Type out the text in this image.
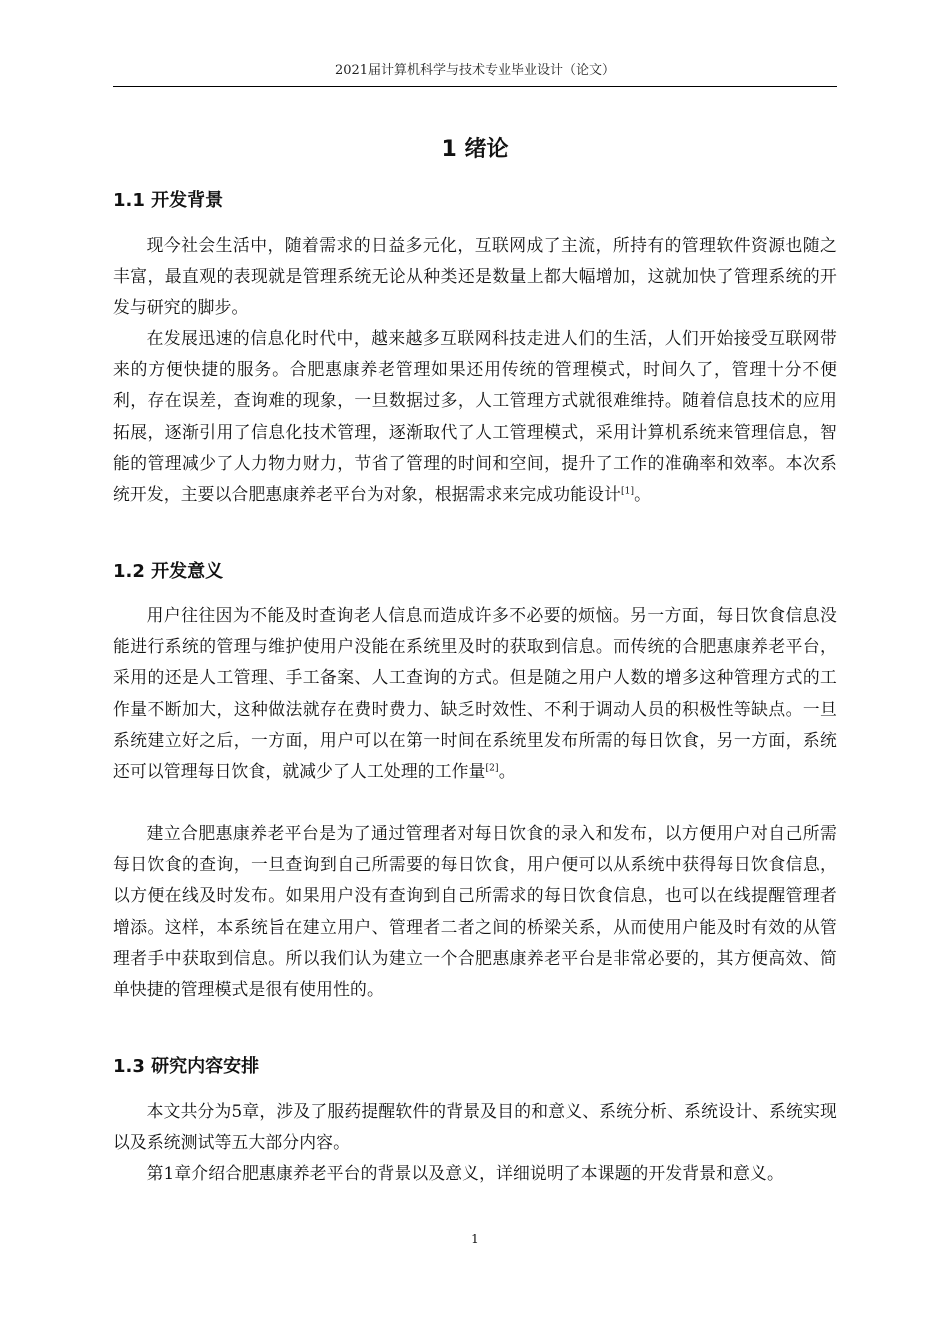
2021届计算机科学与技术专业毕业设计（论文）
1 绪论
1.1 开发背景

现今社会生活中，随着需求的日益多元化，互联网成了主流，所持有的管理软件资源也随之丰富，最直观的表现就是管理系统无论从种类还是数量上都大幅增加，这就加快了管理系统的开发与研究的脚步。

在发展迅速的信息化时代中，越来越多互联网科技走进人们的生活，人们开始接受互联网带来的方便快捷的服务。合肥惠康养老管理如果还用传统的管理模式，时间久了，管理十分不便利，存在误差，查询难的现象，一旦数据过多，人工管理方式就很难维持。随着信息技术的应用拓展，逐渐引用了信息化技术管理，逐渐取代了人工管理模式，采用计算机系统来管理信息，智能的管理减少了人力物力财力，节省了管理的时间和空间，提升了工作的准确率和效率。本次系统开发，主要以合肥惠康养老平台为对象，根据需求来完成功能设计[1]。

1.2 开发意义

用户往往因为不能及时查询老人信息而造成许多不必要的烦恼。另一方面，每日饮食信息没能进行系统的管理与维护使用户没能在系统里及时的获取到信息。而传统的合肥惠康养老平台，采用的还是人工管理、手工备案、人工查询的方式。但是随之用户人数的增多这种管理方式的工作量不断加大，这种做法就存在费时费力、缺乏时效性、不利于调动人员的积极性等缺点。一旦系统建立好之后，一方面，用户可以在第一时间在系统里发布所需的每日饮食，另一方面，系统还可以管理每日饮食，就减少了人工处理的工作量[2]。

建立合肥惠康养老平台是为了通过管理者对每日饮食的录入和发布，以方便用户对自己所需每日饮食的查询，一旦查询到自己所需要的每日饮食，用户便可以从系统中获得每日饮食信息，以方便在线及时发布。如果用户没有查询到自己所需求的每日饮食信息，也可以在线提醒管理者增添。这样，本系统旨在建立用户、管理者二者之间的桥梁关系，从而使用户能及时有效的从管理者手中获取到信息。所以我们认为建立一个合肥惠康养老平台是非常必要的，其方便高效、简单快捷的管理模式是很有使用性的。

1.3 研究内容安排

本文共分为5章，涉及了服药提醒软件的背景及目的和意义、系统分析、系统设计、系统实现以及系统测试等五大部分内容。

第1章介绍合肥惠康养老平台的背景以及意义，详细说明了本课题的开发背景和意义。

1
